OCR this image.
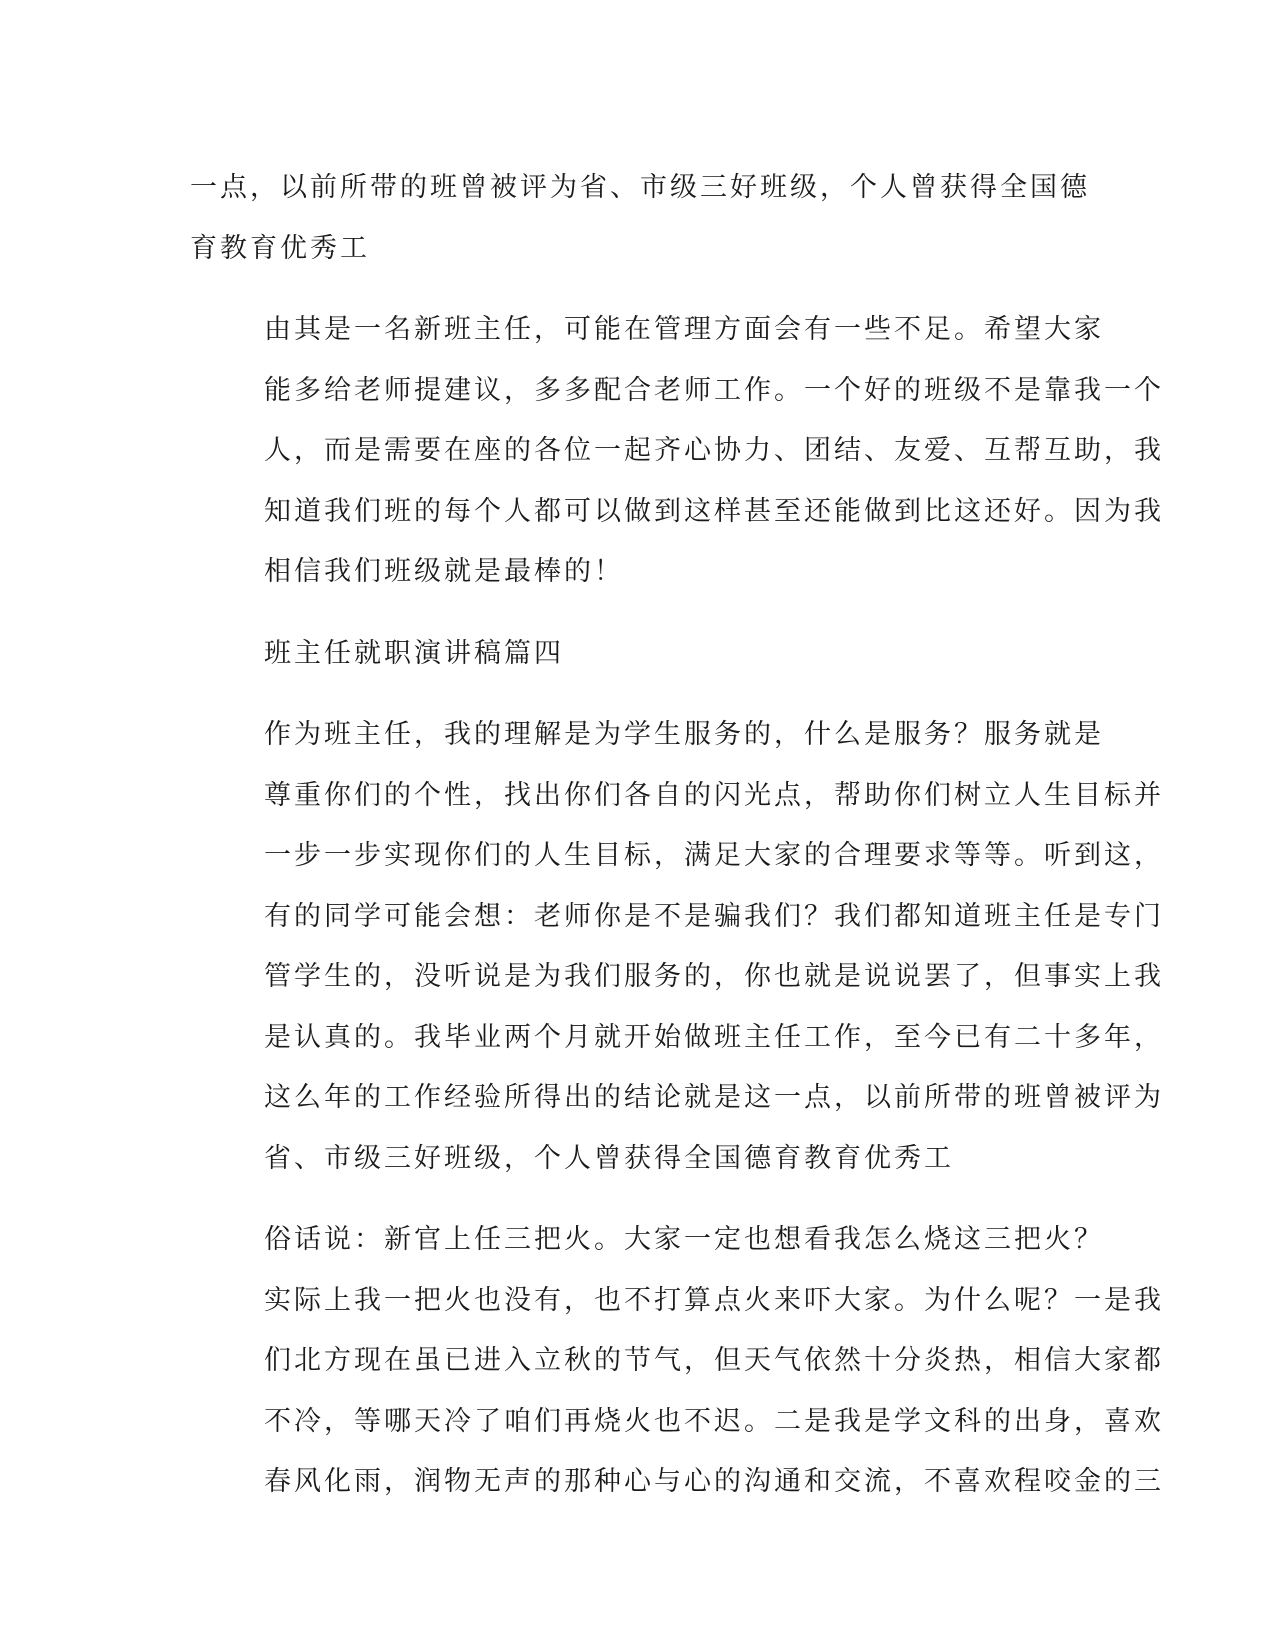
一点，以前所带的班曾被评为省、市级三好班级，个人曾获得全国德
育教育优秀工

由其是一名新班主任，可能在管理方面会有一些不足。希望大家
能多给老师提建议，多多配合老师工作。一个好的班级不是靠我一个
人，而是需要在座的各位一起齐心协力、团结、友爱、互帮互助，我
知道我们班的每个人都可以做到这样甚至还能做到比这还好。因为我
相信我们班级就是最棒的！

班主任就职演讲稿篇四

作为班主任，我的理解是为学生服务的，什么是服务？服务就是
尊重你们的个性，找出你们各自的闪光点，帮助你们树立人生目标并
一步一步实现你们的人生目标，满足大家的合理要求等等。听到这，
有的同学可能会想：老师你是不是骗我们？我们都知道班主任是专门
管学生的，没听说是为我们服务的，你也就是说说罢了，但事实上我
是认真的。我毕业两个月就开始做班主任工作，至今已有二十多年，
这么年的工作经验所得出的结论就是这一点，以前所带的班曾被评为
省、市级三好班级，个人曾获得全国德育教育优秀工

俗话说：新官上任三把火。大家一定也想看我怎么烧这三把火？
实际上我一把火也没有，也不打算点火来吓大家。为什么呢？一是我
们北方现在虽已进入立秋的节气，但天气依然十分炎热，相信大家都
不冷，等哪天冷了咱们再烧火也不迟。二是我是学文科的出身，喜欢
春风化雨，润物无声的那种心与心的沟通和交流，不喜欢程咬金的三
